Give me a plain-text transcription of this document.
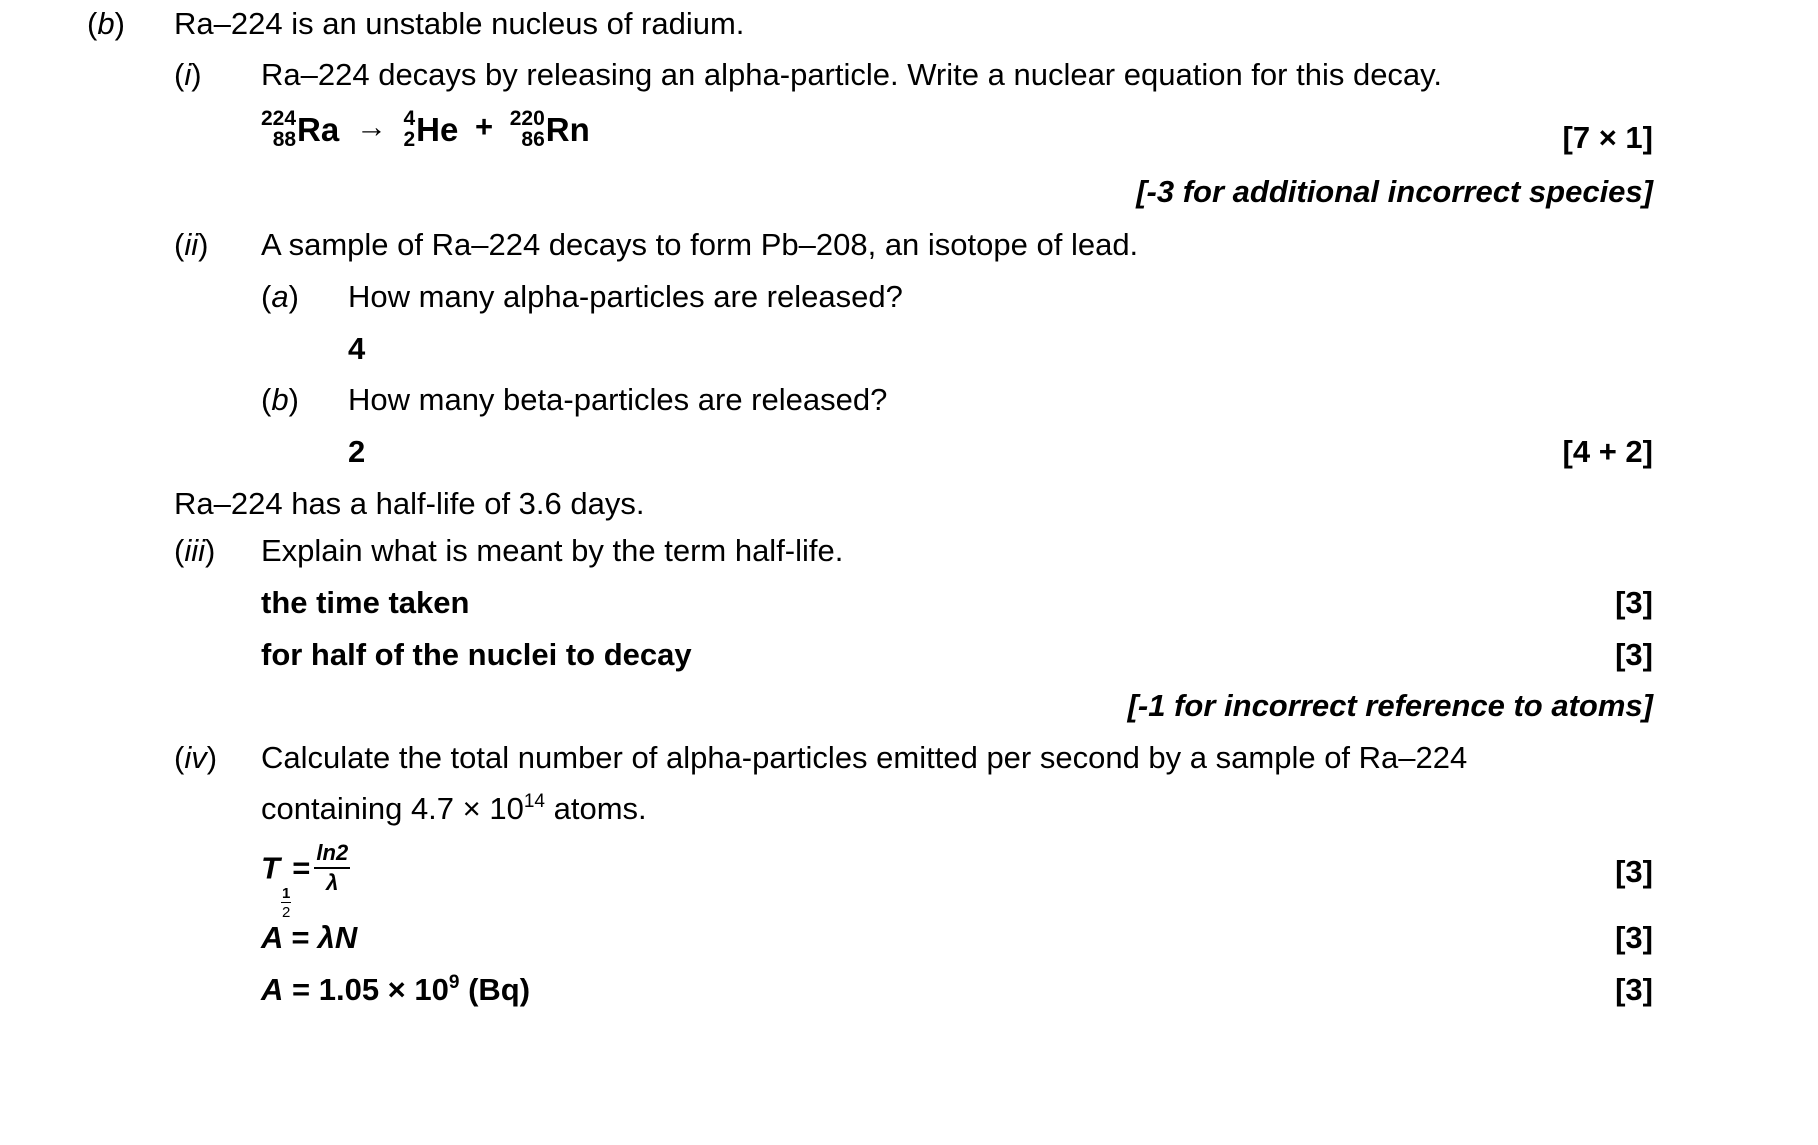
(b) Ra–224 is an unstable nucleus of radium.
(i) Ra–224 decays by releasing an alpha-particle. Write a nuclear equation for this decay.
224
88 Ra → 4
2 He + 220
86 Rn	[7 × 1]
[-3 for additional incorrect species]
(ii) A sample of Ra–224 decays to form Pb–208, an isotope of lead.
(a) How many alpha-particles are released?
4
(b) How many beta-particles are released?
2	[4 + 2]
Ra–224 has a half-life of 3.6 days.
(iii) Explain what is meant by the term half-life.
the time taken	[3]
for half of the nuclei to decay	[3]
[-1 for incorrect reference to atoms]
(iv) Calculate the total number of alpha-particles emitted per second by a sample of Ra–224
containing $4.7 \times 10^{14}$ atoms.
T
$\frac{1}{2}$
= $\frac{\ln 2}{\lambda}$	[3]
A = λN	[3]
$A = 1.05 \times 10^9$ (Bq)	[3]
